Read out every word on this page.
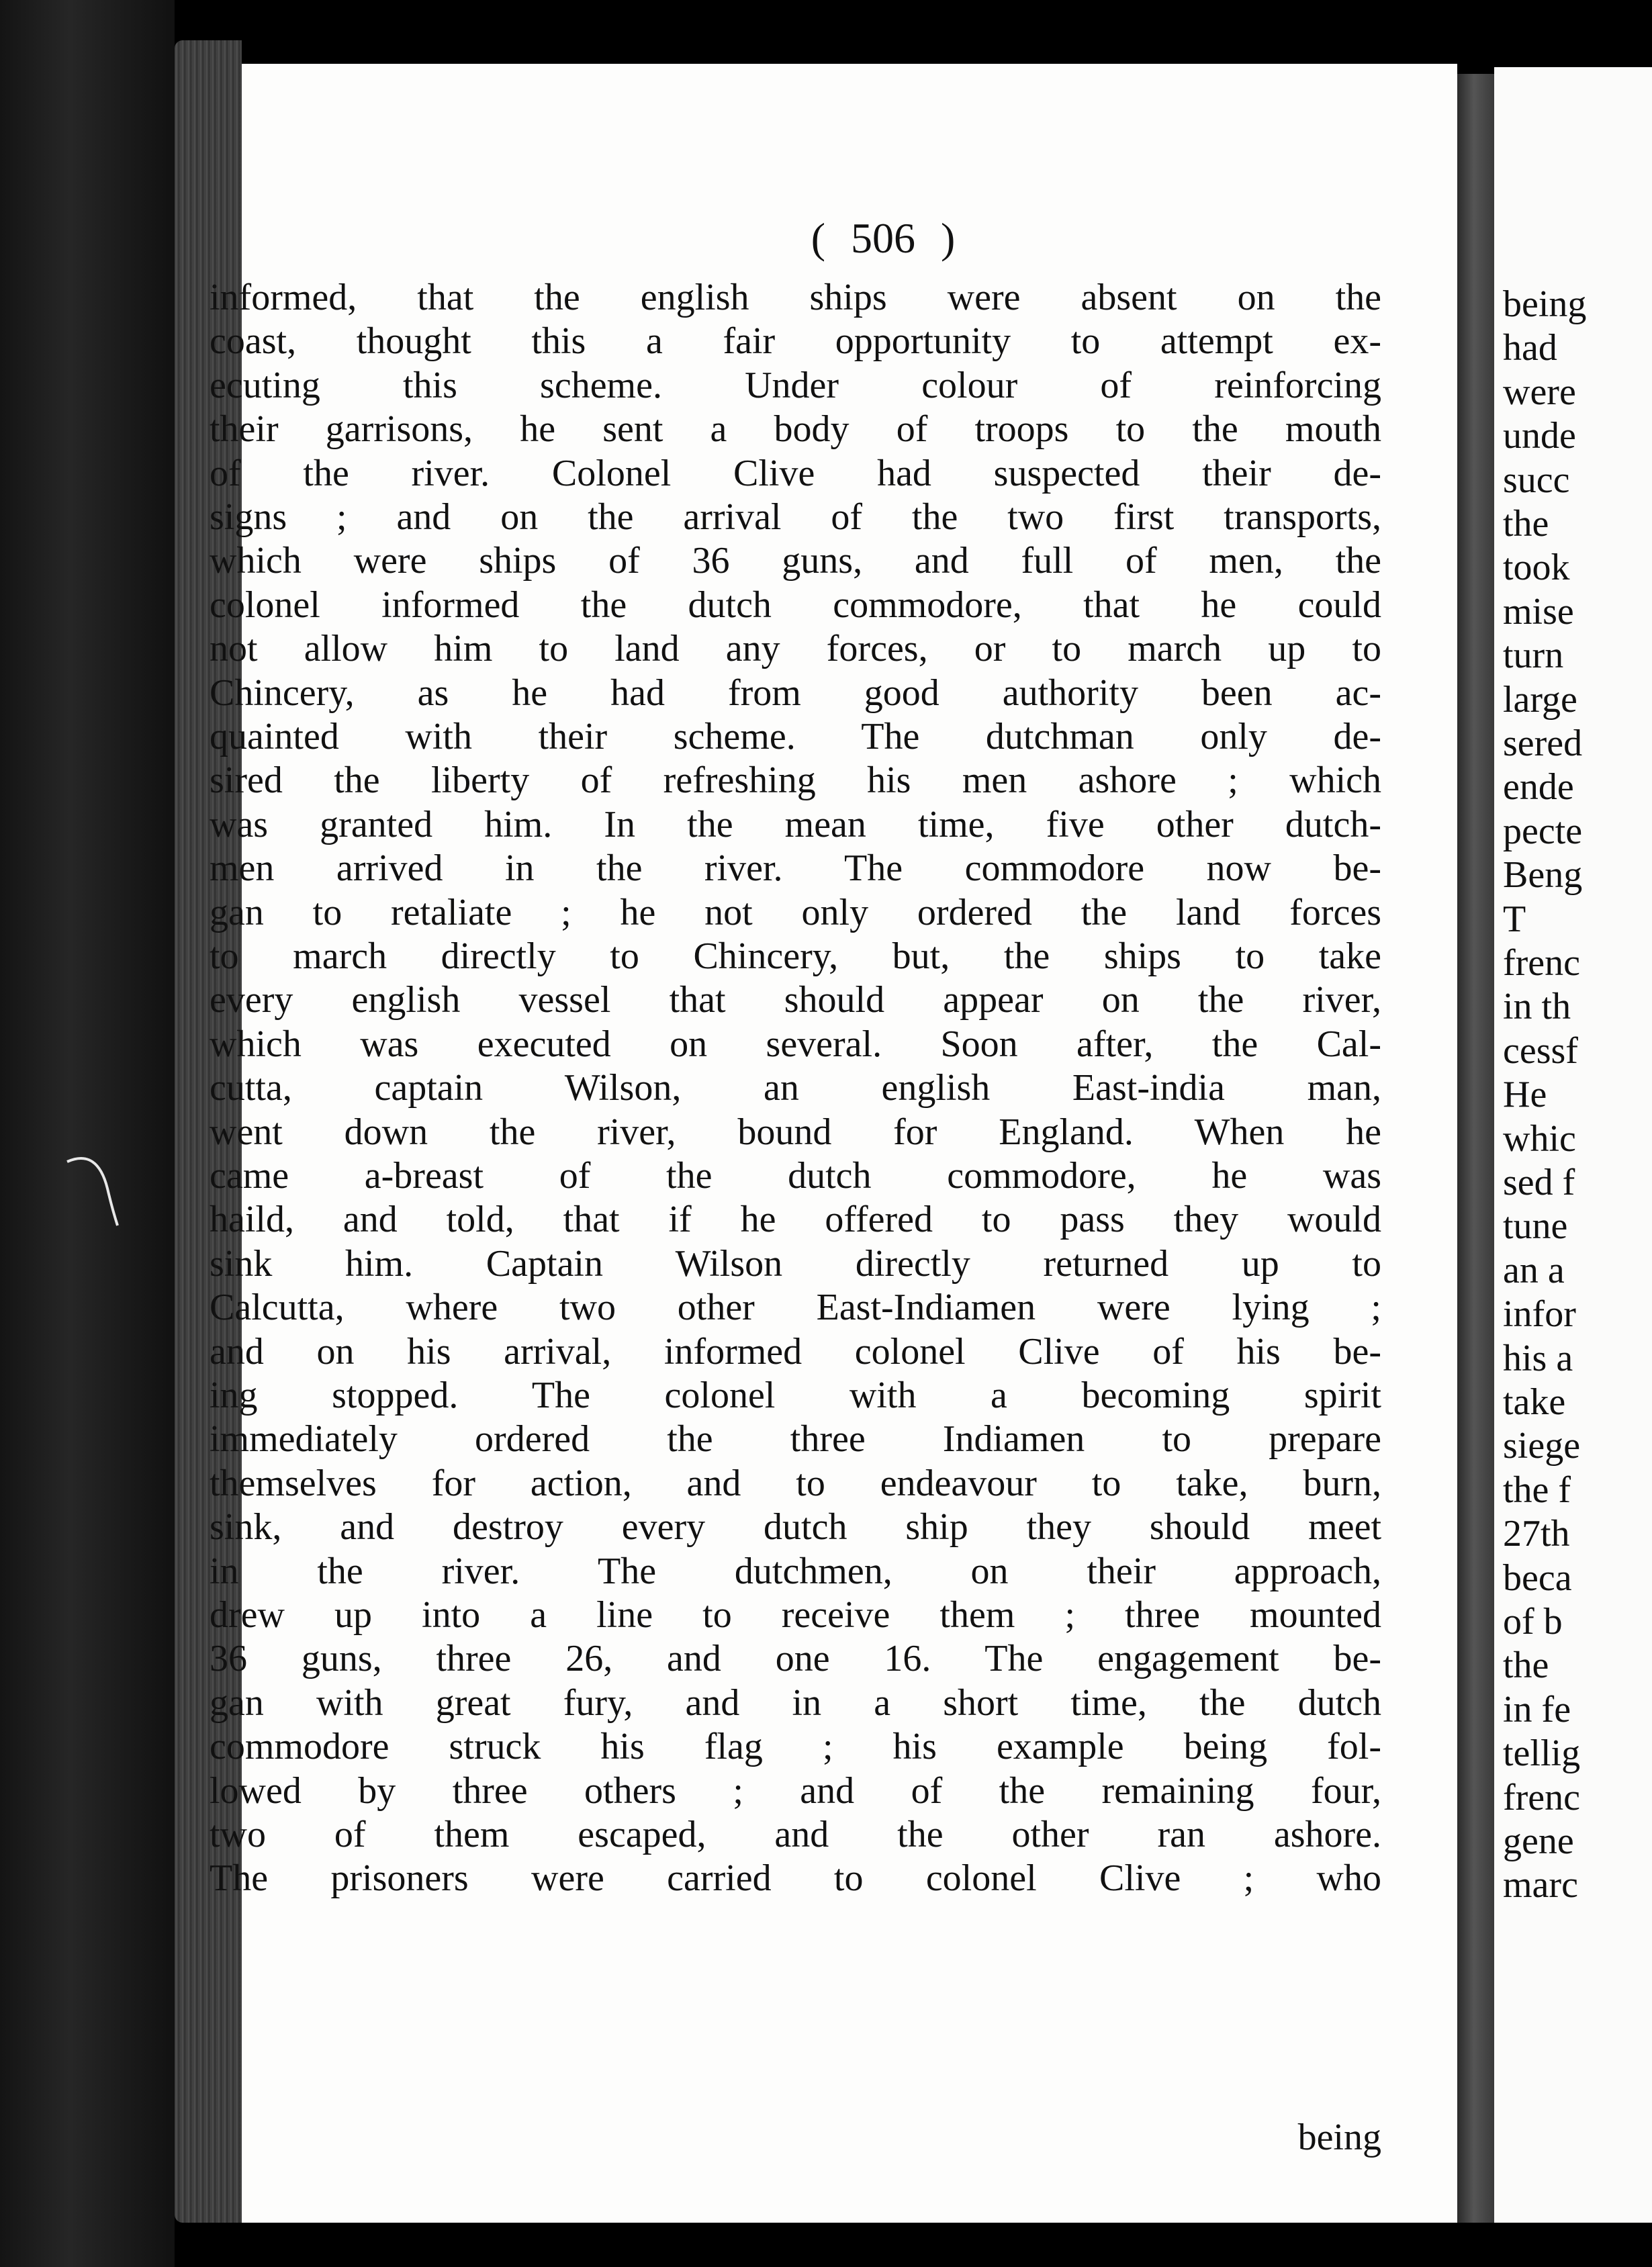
( 506 )
informed, that the english ships were absent on the
coast, thought this a fair opportunity to attempt ex-
ecuting this scheme. Under colour of reinforcing
their garrisons, he sent a body of troops to the mouth
of the river. Colonel Clive had suspected their de-
signs ; and on the arrival of the two first transports,
which were ships of 36 guns, and full of men, the
colonel informed the dutch commodore, that he could
not allow him to land any forces, or to march up to
Chincery, as he had from good authority been ac-
quainted with their scheme. The dutchman only de-
sired the liberty of refreshing his men ashore ; which
was granted him. In the mean time, five other dutch-
men arrived in the river. The commodore now be-
gan to retaliate ; he not only ordered the land forces
to march directly to Chincery, but, the ships to take
every english vessel that should appear on the river,
which was executed on several. Soon after, the Cal-
cutta, captain Wilson, an english East-india man,
went down the river, bound for England. When he
came a-breast of the dutch commodore, he was
haild, and told, that if he offered to pass they would
sink him. Captain Wilson directly returned up to
Calcutta, where two other East-Indiamen were lying ;
and on his arrival, informed colonel Clive of his be-
ing stopped. The colonel with a becoming spirit
immediately ordered the three Indiamen to prepare
themselves for action, and to endeavour to take, burn,
sink, and destroy every dutch ship they should meet
in the river. The dutchmen, on their approach,
drew up into a line to receive them ; three mounted
36 guns, three 26, and one 16. The engagement be-
gan with great fury, and in a short time, the dutch
commodore struck his flag ; his example being fol-
lowed by three others ; and of the remaining four,
two of them escaped, and the other ran ashore.
The prisoners were carried to colonel Clive ; who
being
had
were
unde
succ
the
took
mise
turn
large
sered
ende
pecte
Beng
T
frenc
in th
cessf
He
whic
sed f
tune
an a
infor
his a
take
siege
the f
27th
beca
of b
the
in fe
tellig
frenc
gene
marc
being
